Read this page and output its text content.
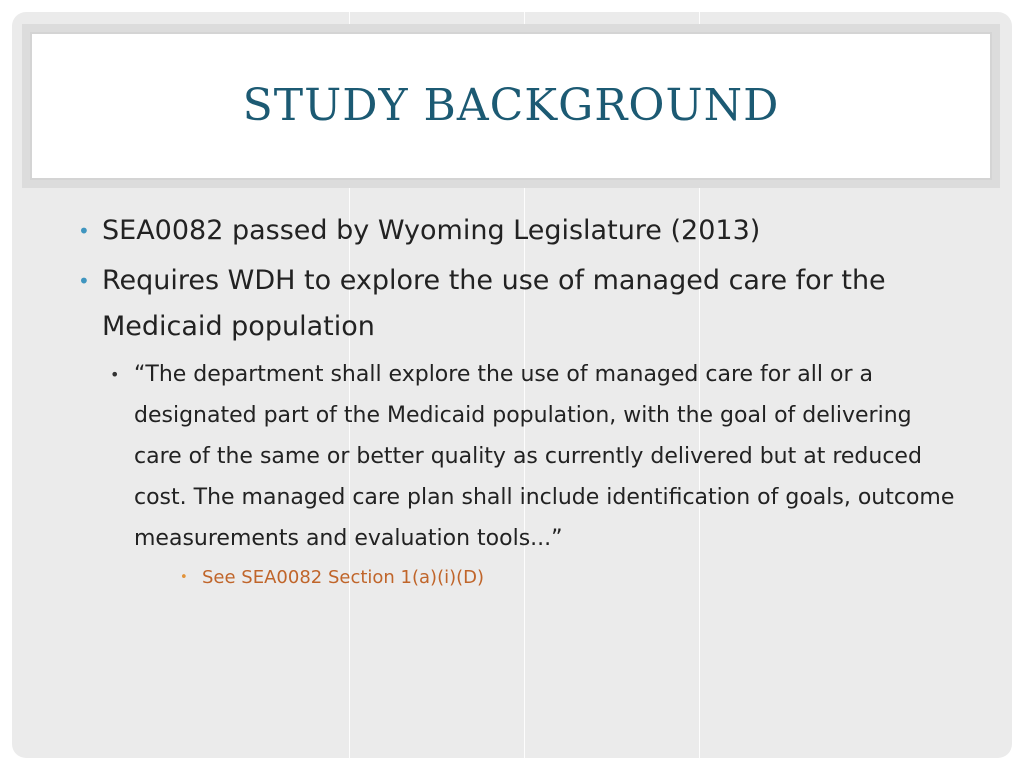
STUDY BACKGROUND
• SEA0082 passed by Wyoming Legislature (2013)
• Requires WDH to explore the use of managed care for the Medicaid population
• “The department shall explore the use of managed care for all or a designated part of the Medicaid population, with the goal of delivering care of the same or better quality as currently delivered but at reduced cost. The managed care plan shall include identification of goals, outcome measurements and evaluation tools...”
• See SEA0082 Section 1(a)(i)(D)
